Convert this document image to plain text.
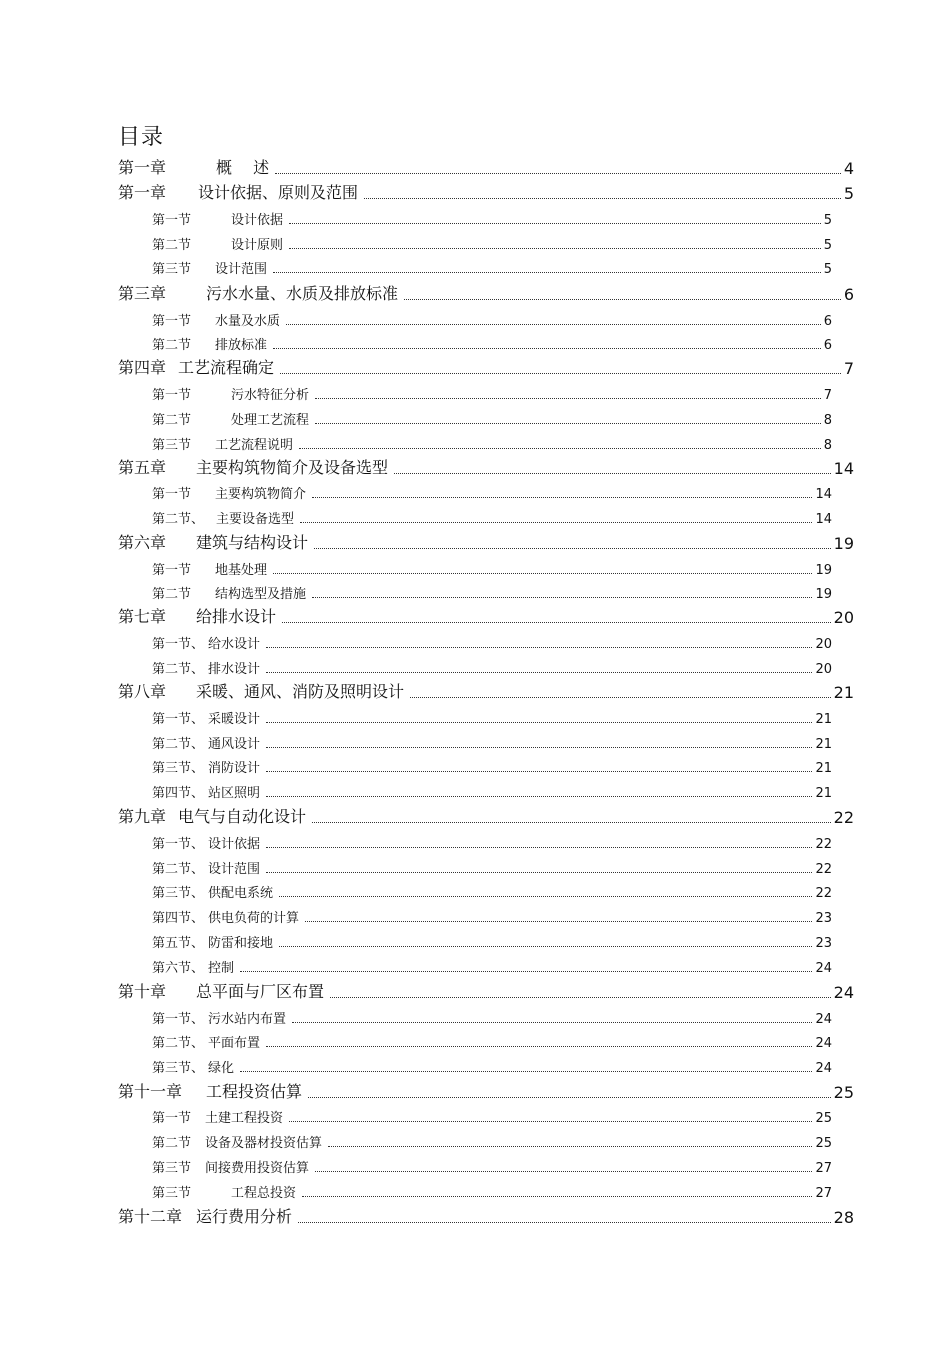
目录
第一章	概　 述	4
第一章 设计依据、原则及范围	5
第一节	设计依据	5
第二节	设计原则	5
第三节 设计范围	5
第三章	污水水量、水质及排放标准	6
第一节 水量及水质	6
第二节 排放标准	6
第四章 工艺流程确定	7
第一节	污水特征分析	7
第二节	处理工艺流程	8
第三节 工艺流程说明	8
第五章 主要构筑物简介及设备选型	14
第一节 主要构筑物简介	14
第二节、 主要设备选型	14
第六章 建筑与结构设计	19
第一节 地基处理	19
第二节 结构选型及措施	19
第七章 给排水设计	20
第一节、 给水设计	20
第二节、 排水设计	20
第八章 采暖、通风、消防及照明设计	21
第一节、 采暖设计	21
第二节、 通风设计	21
第三节、 消防设计	21
第四节、 站区照明	21
第九章 电气与自动化设计	22
第一节、 设计依据	22
第二节、 设计范围	22
第三节、 供配电系统	22
第四节、 供电负荷的计算	23
第五节、 防雷和接地	23
第六节、 控制	24
第十章 总平面与厂区布置	24
第一节、 污水站内布置	24
第二节、 平面布置	24
第三节、 绿化	24
第十一章 工程投资估算	25
第一节 土建工程投资	25
第二节 设备及器材投资估算	25
第三节 间接费用投资估算	27
第三节	工程总投资	27
第十二章 运行费用分析	28
